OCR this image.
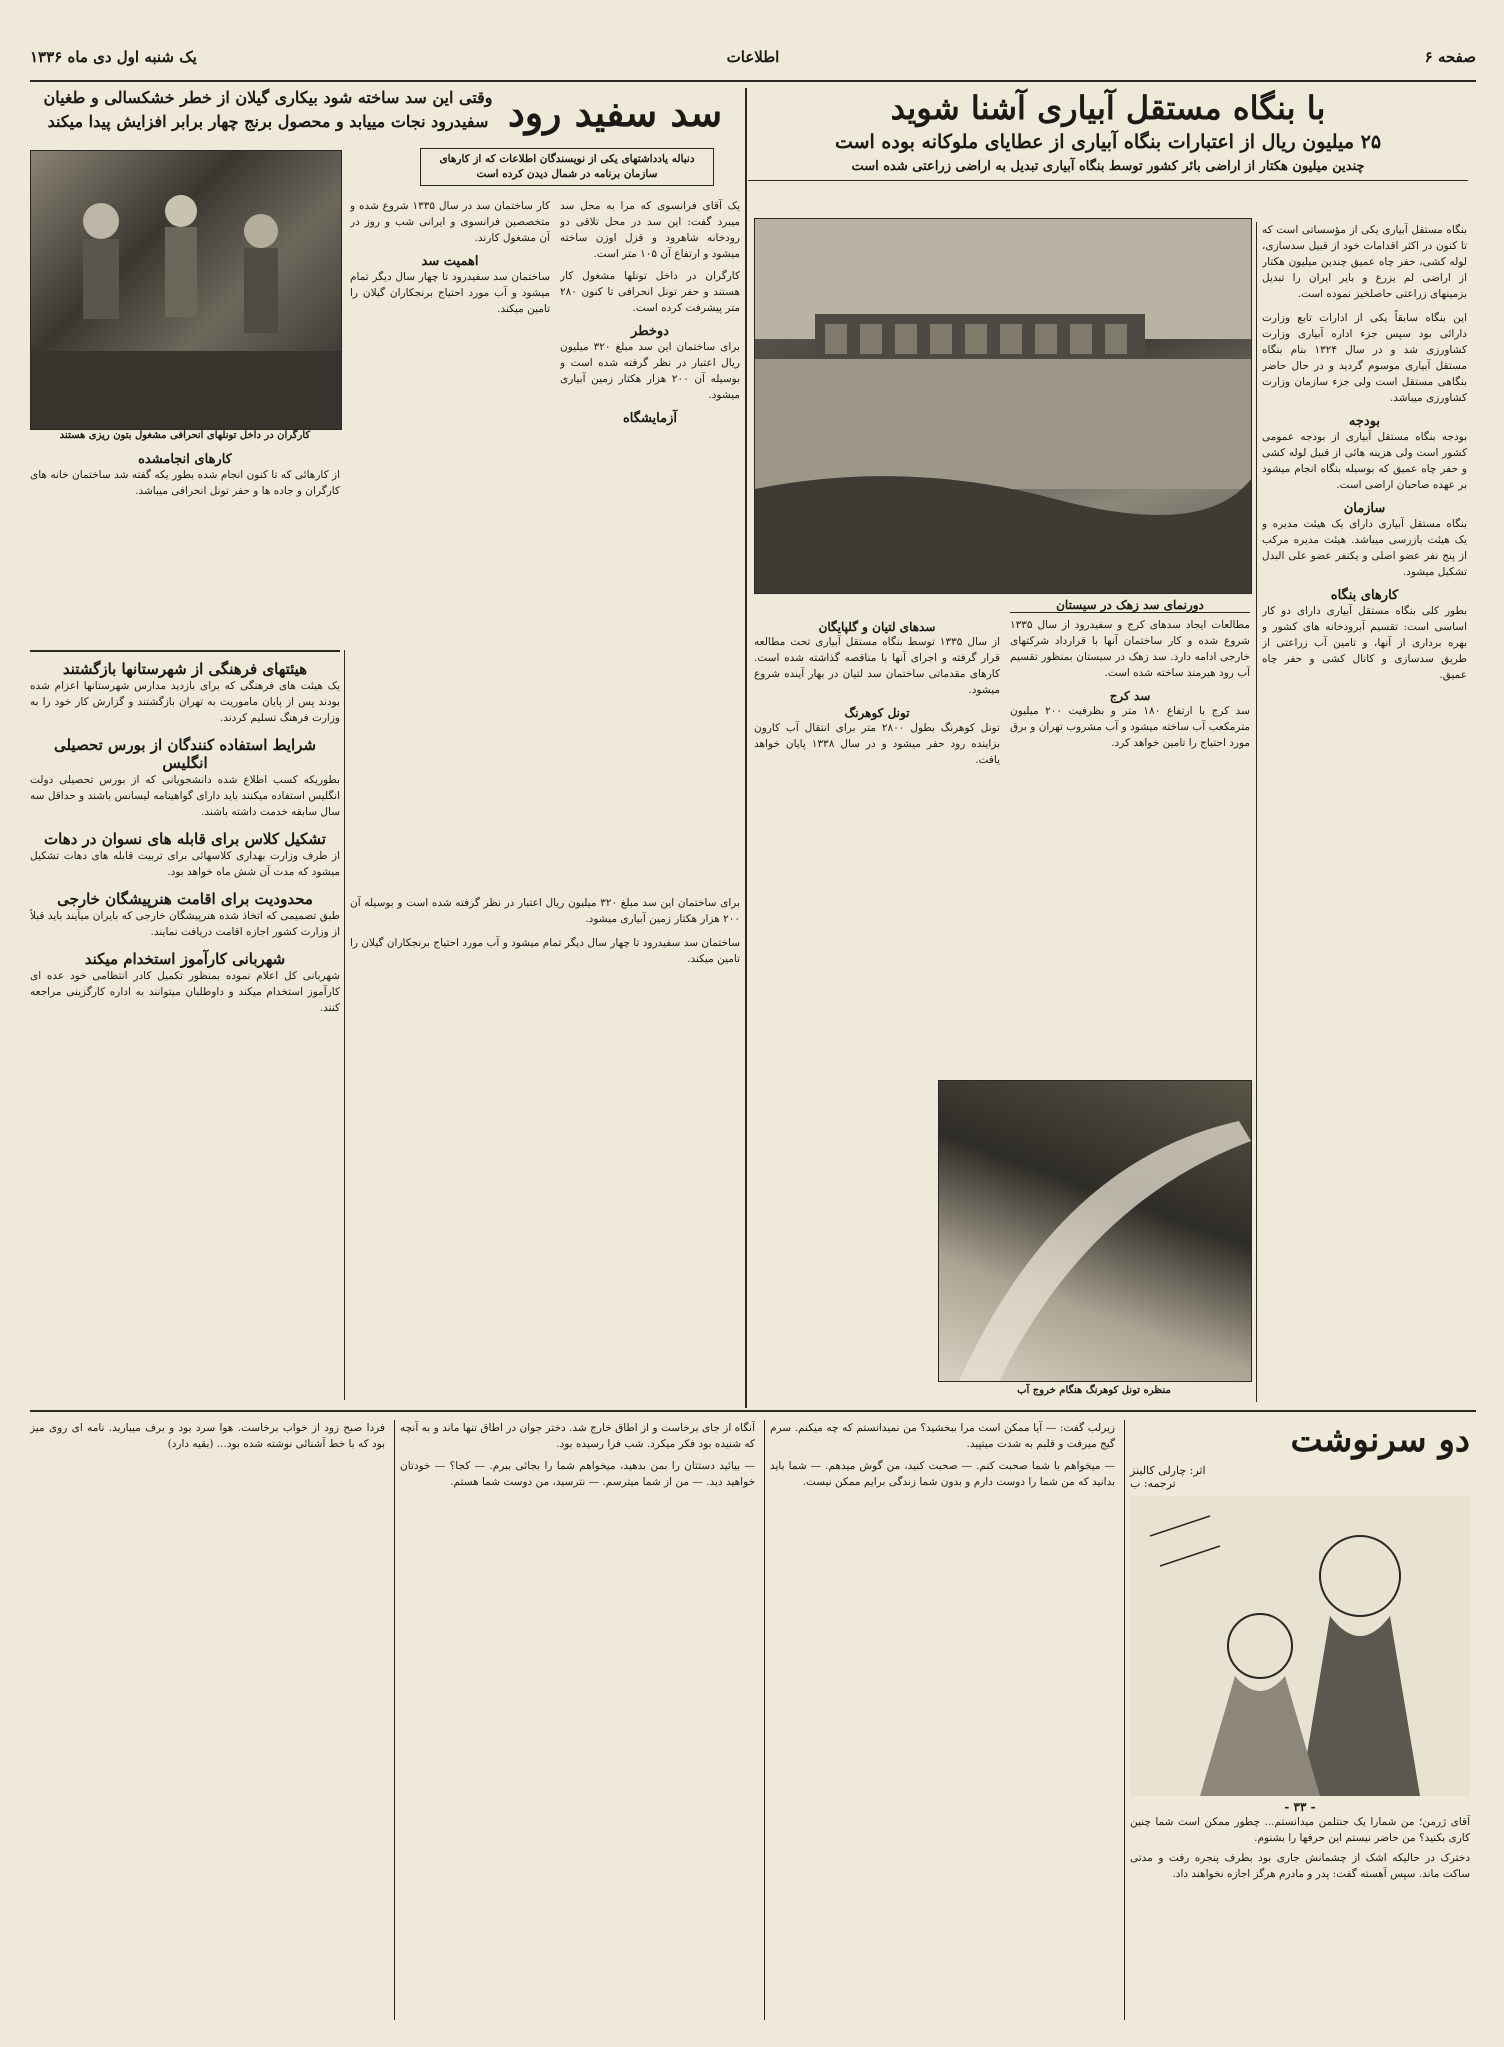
صفحه ۶
اطلاعات
یک شنبه اول دی ماه ۱۳۳۶
با بنگاه مستقل آبیاری آشنا شوید
۲۵ میلیون ریال از اعتبارات بنگاه آبیاری از عطایای ملوکانه بوده است
چندین میلیون هکتار از اراضی بائر کشور توسط بنگاه آبیاری تبدیل به اراضی زراعتی شده است

بنگاه مستقل آبیاری یکی از مؤسساتی است که تا کنون در اکثر اقدامات خود از قبیل سدسازی، لوله کشی، حفر چاه عمیق چندین میلیون هکتار از اراضی لم یزرع و بایر ایران را تبدیل بزمینهای زراعتی حاصلخیز نموده است.

این بنگاه سابقاً یکی از ادارات تابع وزارت دارائی بود سپس جزء اداره آبیاری وزارت کشاورزی شد و در سال ۱۳۲۴ بنام بنگاه مستقل آبیاری موسوم گردید و در حال حاضر بنگاهی مستقل است ولی جزء سازمان وزارت کشاورزی میباشد.

بودجه

بودجه بنگاه مستقل آبیاری از بودجه عمومی کشور است ولی هزینه هائی از قبیل لوله کشی و حفر چاه عمیق که بوسیله بنگاه انجام میشود بر عهده صاحبان اراضی است.

سازمان

بنگاه مستقل آبیاری دارای یک هیئت مدیره و یک هیئت بازرسی میباشد. هیئت مدیره مرکب از پنج نفر عضو اصلی و یکنفر عضو علی البدل تشکیل میشود.

کارهای بنگاه

بطور کلی بنگاه مستقل آبیاری دارای دو کار اساسی است: تقسیم آبرودخانه های کشور و بهره برداری از آنها، و تامین آب زراعتی از طریق سدسازی و کانال کشی و حفر چاه عمیق.

دورنمای سد زهک در سیستان

مطالعات ایجاد سدهای کرج و سفیدرود از سال ۱۳۳۵ شروع شده و کار ساختمان آنها با قرارداد شرکتهای خارجی ادامه دارد. سد زهک در سیستان بمنظور تقسیم آب رود هیرمند ساخته شده است.

سد کرج

سد کرج با ارتفاع ۱۸۰ متر و بظرفیت ۲۰۰ میلیون مترمکعب آب ساخته میشود و آب مشروب تهران و برق مورد احتیاج را تامین خواهد کرد.

سدهای لتیان و گلپایگان

از سال ۱۳۳۵ توسط بنگاه مستقل آبیاری تحت مطالعه قرار گرفته و اجرای آنها با مناقصه گذاشته شده است. کارهای مقدماتی ساختمان سد لتیان در بهار آینده شروع میشود.

تونل کوهرنگ

تونل کوهرنگ بطول ۲۸۰۰ متر برای انتقال آب کارون بزاینده رود حفر میشود و در سال ۱۳۳۸ پایان خواهد یافت.

منظره تونل کوهرنگ هنگام خروج آب
وقتی این سد ساخته شود بیکاری گیلان از خطر خشکسالی و طغیان سفیدرود نجات مییابد و محصول برنج چهار برابر افزایش پیدا میکند سد سفید رود
دنباله یادداشتهای یکی از نویسندگان اطلاعات که از کارهای سازمان برنامه در شمال دیدن کرده است
کارگران در داخل تونلهای انحرافی مشغول بتون ریزی هستند

یک آقای فرانسوی که مرا به محل سد میبرد گفت: این سد در محل تلاقی دو رودخانه شاهرود و قزل اوزن ساخته میشود و ارتفاع آن ۱۰۵ متر است.

کارگران در داخل تونلها مشغول کار هستند و حفر تونل انحرافی تا کنون ۲۸۰ متر پیشرفت کرده است.

دوخطر

برای ساختمان این سد مبلغ ۳۲۰ میلیون ریال اعتبار در نظر گرفته شده است و بوسیله آن ۲۰۰ هزار هکتار زمین آبیاری میشود.

آزمایشگاه

کار ساختمان سد در سال ۱۳۳۵ شروع شده و متخصصین فرانسوی و ایرانی شب و روز در آن مشغول کارند.

اهمیت سد

ساختمان سد سفیدرود تا چهار سال دیگر تمام میشود و آب مورد احتیاج برنجکاران گیلان را تامین میکند.

کارهای انجامشده

از کارهائی که تا کنون انجام شده بطور یکه گفته شد ساختمان خانه های کارگران و جاده ها و حفر تونل انحرافی میباشد.

هیئتهای فرهنگی از شهرستانها بازگشتند

یک هیئت های فرهنگی که برای بازدید مدارس شهرستانها اعزام شده بودند پس از پایان ماموریت به تهران بازگشتند و گزارش کار خود را به وزارت فرهنگ تسلیم کردند.

شرایط استفاده کنندگان از بورس تحصیلی انگلیس

بطوریکه کسب اطلاع شده دانشجویانی که از بورس تحصیلی دولت انگلیس استفاده میکنند باید دارای گواهینامه لیسانس باشند و حداقل سه سال سابقه خدمت داشته باشند.

تشکیل کلاس برای قابله های نسوان در دهات

از طرف وزارت بهداری کلاسهائی برای تربیت قابله های دهات تشکیل میشود که مدت آن شش ماه خواهد بود.

محدودیت برای اقامت هنرپیشگان خارجی

طبق تصمیمی که اتخاذ شده هنرپیشگان خارجی که بایران میآیند باید قبلاً از وزارت کشور اجازه اقامت دریافت نمایند.

شهربانی کارآموز استخدام میکند

شهربانی کل اعلام نموده بمنظور تکمیل کادر انتظامی خود عده ای کارآموز استخدام میکند و داوطلبان میتوانند به اداره کارگزینی مراجعه کنند.

برای ساختمان این سد مبلغ ۳۲۰ میلیون ریال اعتبار در نظر گرفته شده است و بوسیله آن ۲۰۰ هزار هکتار زمین آبیاری میشود.

ساختمان سد سفیدرود تا چهار سال دیگر تمام میشود و آب مورد احتیاج برنجکاران گیلان را تامین میکند.

دو سرنوشت
اثر: چارلی کالینز
ترجمه: ب
- ۳۳ -

آقای ژرمن؛ من شمارا یک جنتلمن میدانستم... چطور ممکن است شما چنین کاری بکنید؟ من حاضر نیستم این حرفها را بشنوم.

دخترک در حالیکه اشک از چشمانش جاری بود بطرف پنجره رفت و مدتی ساکت ماند. سپس آهسته گفت: پدر و مادرم هرگز اجازه نخواهند داد.

زیرلب گفت: — آیا ممکن است مرا ببخشید؟ من نمیدانستم که چه میکنم. سرم گیج میرفت و قلبم به شدت میتپید.

— میخواهم با شما صحبت کنم. — صحبت کنید، من گوش میدهم. — شما باید بدانید که من شما را دوست دارم و بدون شما زندگی برایم ممکن نیست.

آنگاه از جای برخاست و از اطاق خارج شد. دختر جوان در اطاق تنها ماند و به آنچه که شنیده بود فکر میکرد. شب فرا رسیده بود.

— بیائید دستتان را بمن بدهید، میخواهم شما را بجائی ببرم. — کجا؟ — خودتان خواهید دید. — من از شما میترسم. — نترسید، من دوست شما هستم.

فردا صبح زود از خواب برخاست. هوا سرد بود و برف میبارید. نامه ای روی میز بود که با خط آشنائی نوشته شده بود... (بقیه دارد)
